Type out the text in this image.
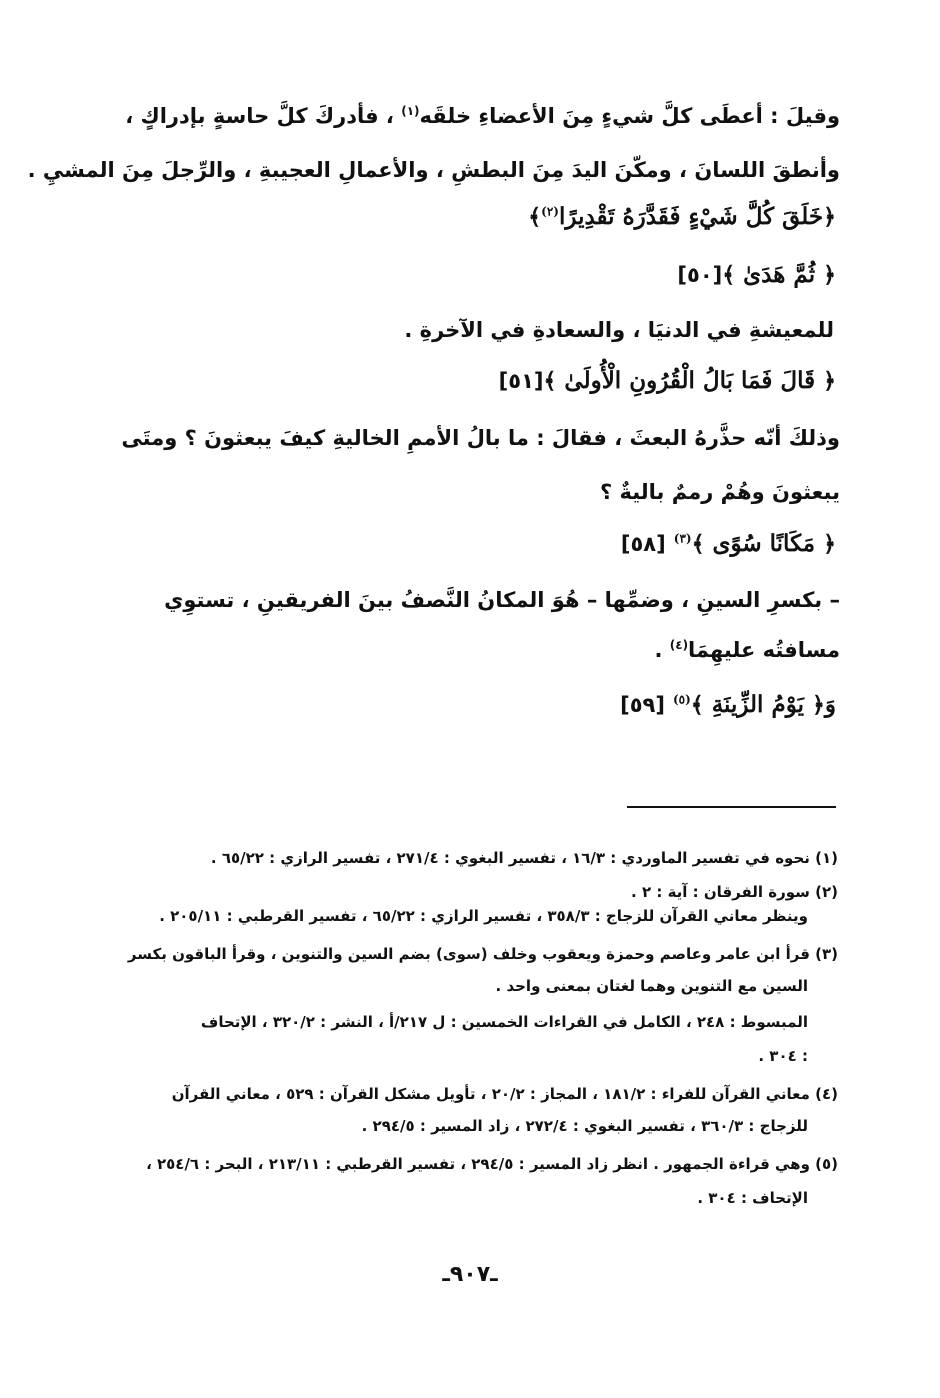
وقيلَ : أعطَى كلَّ شيءٍ مِنَ الأعضاءِ خلقَه$^{(١)}$ ، فأدركَ كلَّ حاسةٍ بإدراكٍ ،
وأنطقَ اللسانَ ، ومكّنَ اليدَ مِنَ البطشِ ، والأعمالِ العجيبةِ ، والرِّجلَ مِنَ المشيِ .
﴿خَلَقَ كُلَّ شَيْءٍ فَقَدَّرَهُ تَقْدِيرًا$^{(٢)}$﴾
﴿ ثُمَّ هَدَىٰ ﴾[٥٠]
للمعيشةِ في الدنيَا ، والسعادةِ في الآخرةِ .
﴿ قَالَ فَمَا بَالُ الْقُرُونِ الْأُولَىٰ ﴾[٥١]
وذلكَ أنّه حذَّرهُ البعثَ ، فقالَ : ما بالُ الأممِ الخاليةِ كيفَ يبعثونَ ؟ ومتَى
يبعثونَ وهُمْ رممٌ باليةٌ ؟
﴿ مَكَانًا سُوًى ﴾$^{(٣)}$ [٥٨]
– بكسرِ السينِ ، وضمِّها – هُوَ المكانُ النَّصفُ بينَ الفريقينِ ، تستوِي
مسافتُه عليهِمَا$^{(٤)}$ .
وَ﴿ يَوْمُ الزِّينَةِ ﴾$^{(٥)}$ [٥٩]
(١) نحوه في تفسير الماوردي : ١٦/٣ ، تفسير البغوي : ٢٧١/٤ ، تفسير الرازي : ٦٥/٢٢ .
(٢) سورة الفرقان : آية : ٢ .
وينظر معاني القرآن للزجاج : ٣٥٨/٣ ، تفسير الرازي : ٦٥/٢٢ ، تفسير القرطبي : ٢٠٥/١١ .
(٣) قرأ ابن عامر وعاصم وحمزة ويعقوب وخلف (سوى) بضم السين والتنوين ، وقرأ الباقون بكسر
السين مع التنوين وهما لغتان بمعنى واحد .
المبسوط : ٢٤٨ ، الكامل في القراءات الخمسين : ل ٢١٧/أ ، النشر : ٣٢٠/٢ ، الإتحاف
: ٣٠٤ .
(٤) معاني القرآن للفراء : ١٨١/٢ ، المجاز : ٢٠/٢ ، تأويل مشكل القرآن : ٥٢٩ ، معاني القرآن
للزجاج : ٣٦٠/٣ ، تفسير البغوي : ٢٧٢/٤ ، زاد المسير : ٢٩٤/٥ .
(٥) وهي قراءة الجمهور . انظر زاد المسير : ٢٩٤/٥ ، تفسير القرطبي : ٢١٣/١١ ، البحر : ٢٥٤/٦ ،
الإتحاف : ٣٠٤ .
ـ٩٠٧ـ
